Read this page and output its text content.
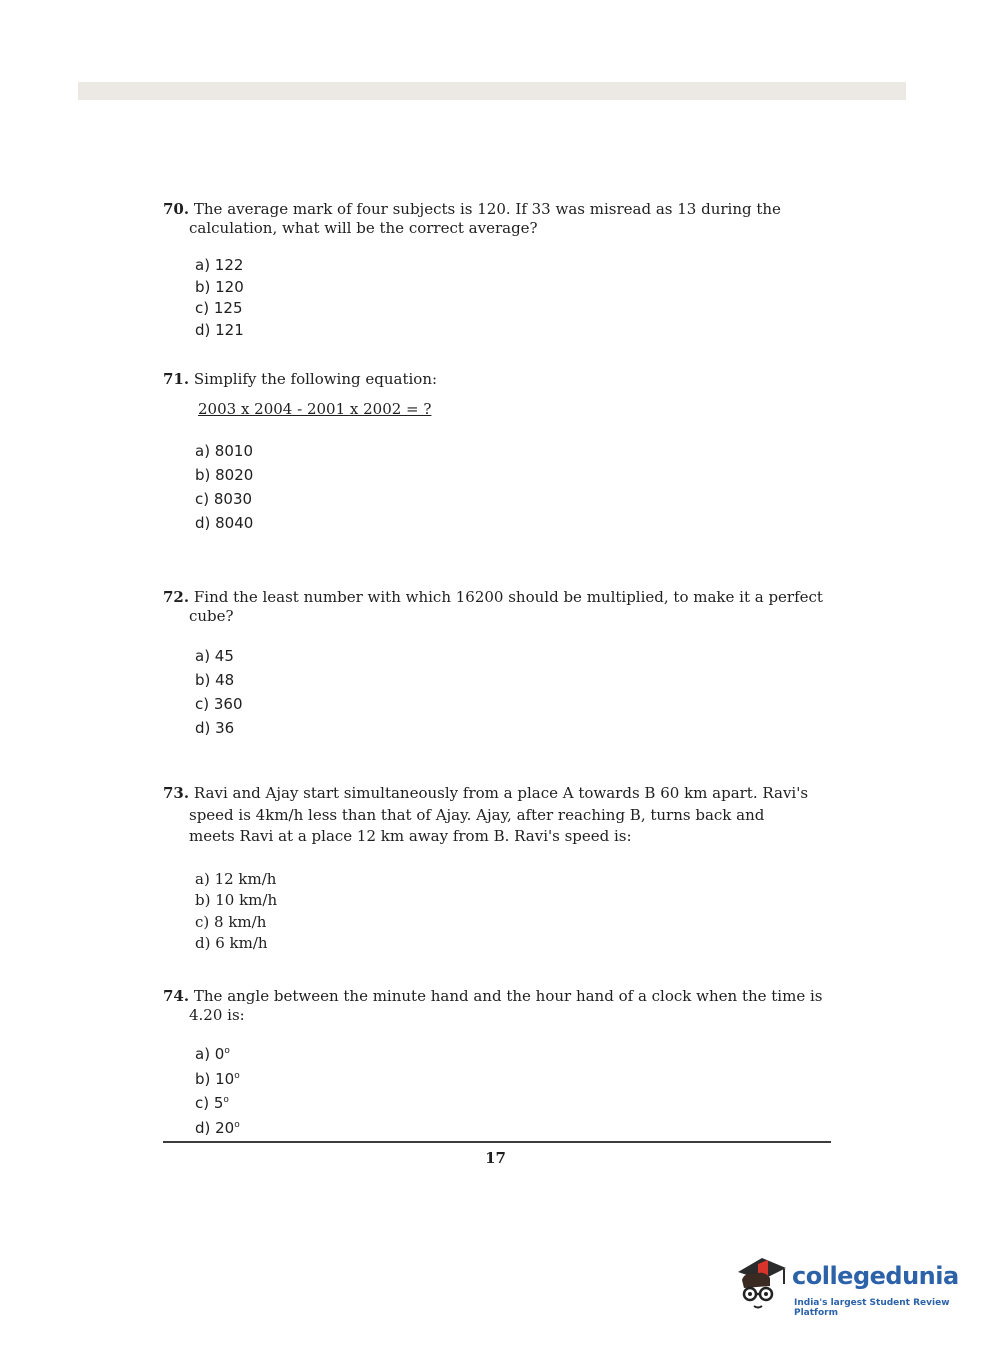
70. The average mark of four subjects is 120. If 33 was misread as 13 during the
calculation, what will be the correct average?
a) 122
b) 120
c) 125
d) 121
71. Simplify the following equation:
2003 x 2004 - 2001 x 2002 = ?
a) 8010
b) 8020
c) 8030
d) 8040
72. Find the least number with which 16200 should be multiplied, to make it a perfect
cube?
a) 45
b) 48
c) 360
d) 36
73. Ravi and Ajay start simultaneously from a place A towards B 60 km apart. Ravi's
speed is 4km/h less than that of Ajay. Ajay, after reaching B, turns back and
meets Ravi at a place 12 km away from B. Ravi's speed is:
a) 12 km/h
b) 10 km/h
c) 8 km/h
d) 6 km/h
74. The angle between the minute hand and the hour hand of a clock when the time is
4.20 is:
a) 0$^o$
b) 10$^o$
c) 5$^o$
d) 20$^o$
17
collegedunia
India's largest Student Review Platform
